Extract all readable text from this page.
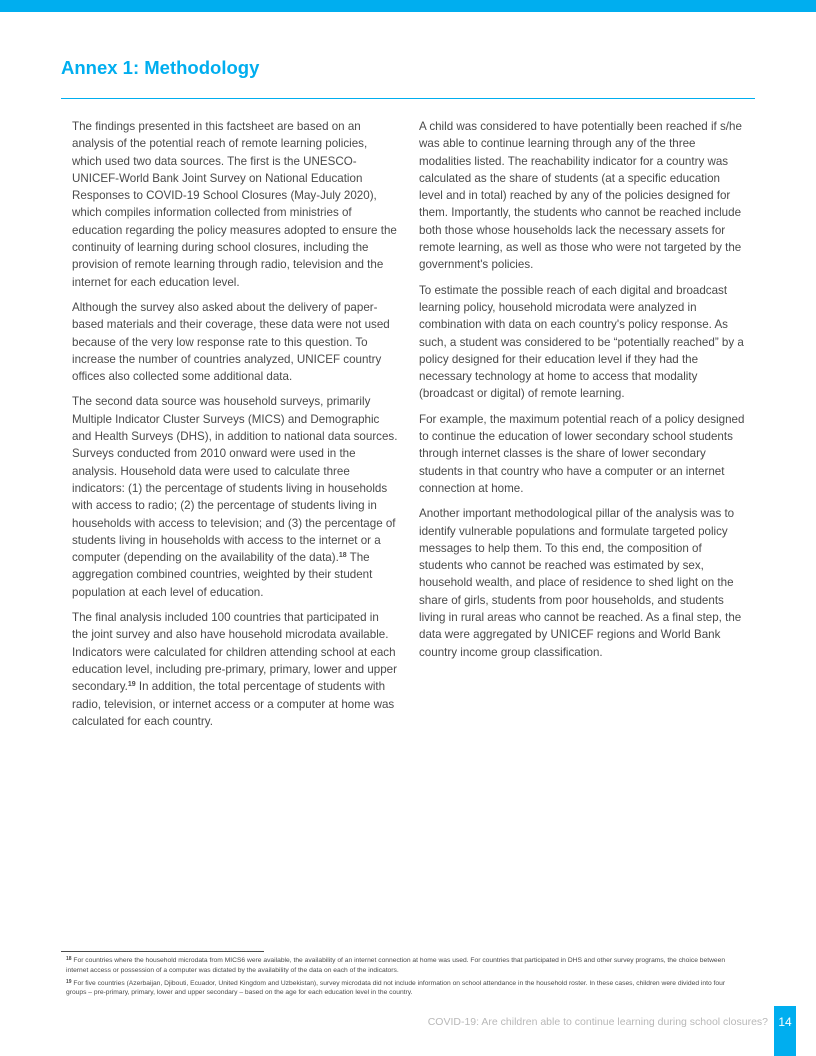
Annex 1: Methodology

The findings presented in this factsheet are based on an analysis of the potential reach of remote learning policies, which used two data sources. The first is the UNESCO-UNICEF-World Bank Joint Survey on National Education Responses to COVID-19 School Closures (May-July 2020), which compiles information collected from ministries of education regarding the policy measures adopted to ensure the continuity of learning during school closures, including the provision of remote learning through radio, television and the internet for each education level.

Although the survey also asked about the delivery of paper-based materials and their coverage, these data were not used because of the very low response rate to this question. To increase the number of countries analyzed, UNICEF country offices also collected some additional data.

The second data source was household surveys, primarily Multiple Indicator Cluster Surveys (MICS) and Demographic and Health Surveys (DHS), in addition to national data sources. Surveys conducted from 2010 onward were used in the analysis. Household data were used to calculate three indicators: (1) the percentage of students living in households with access to radio; (2) the percentage of students living in households with access to television; and (3) the percentage of students living in households with access to the internet or a computer (depending on the availability of the data).$^{18}$ The aggregation combined countries, weighted by their student population at each level of education.

The final analysis included 100 countries that participated in the joint survey and also have household microdata available. Indicators were calculated for children attending school at each education level, including pre-primary, primary, lower and upper secondary.$^{19}$ In addition, the total percentage of students with radio, television, or internet access or a computer at home was calculated for each country.

A child was considered to have potentially been reached if s/he was able to continue learning through any of the three modalities listed. The reachability indicator for a country was calculated as the share of students (at a specific education level and in total) reached by any of the policies designed for them. Importantly, the students who cannot be reached include both those whose households lack the necessary assets for remote learning, as well as those who were not targeted by the government's policies.

To estimate the possible reach of each digital and broadcast learning policy, household microdata were analyzed in combination with data on each country's policy response. As such, a student was considered to be “potentially reached” by a policy designed for their education level if they had the necessary technology at home to access that modality (broadcast or digital) of remote learning.

For example, the maximum potential reach of a policy designed to continue the education of lower secondary school students through internet classes is the share of lower secondary students in that country who have a computer or an internet connection at home.

Another important methodological pillar of the analysis was to identify vulnerable populations and formulate targeted policy messages to help them. To this end, the composition of students who cannot be reached was estimated by sex, household wealth, and place of residence to shed light on the share of girls, students from poor households, and students living in rural areas who cannot be reached. As a final step, the data were aggregated by UNICEF regions and World Bank country income group classification.

$^{18}$ For countries where the household microdata from MICS6 were available, the availability of an internet connection at home was used. For countries that participated in DHS and other survey programs, the choice between internet access or possession of a computer was dictated by the availability of the data on each of the indicators.

$^{19}$ For five countries (Azerbaijan, Djibouti, Ecuador, United Kingdom and Uzbekistan), survey microdata did not include information on school attendance in the household roster. In these cases, children were divided into four groups – pre-primary, primary, lower and upper secondary – based on the age for each education level in the country.

COVID-19: Are children able to continue learning during school closures? 14
